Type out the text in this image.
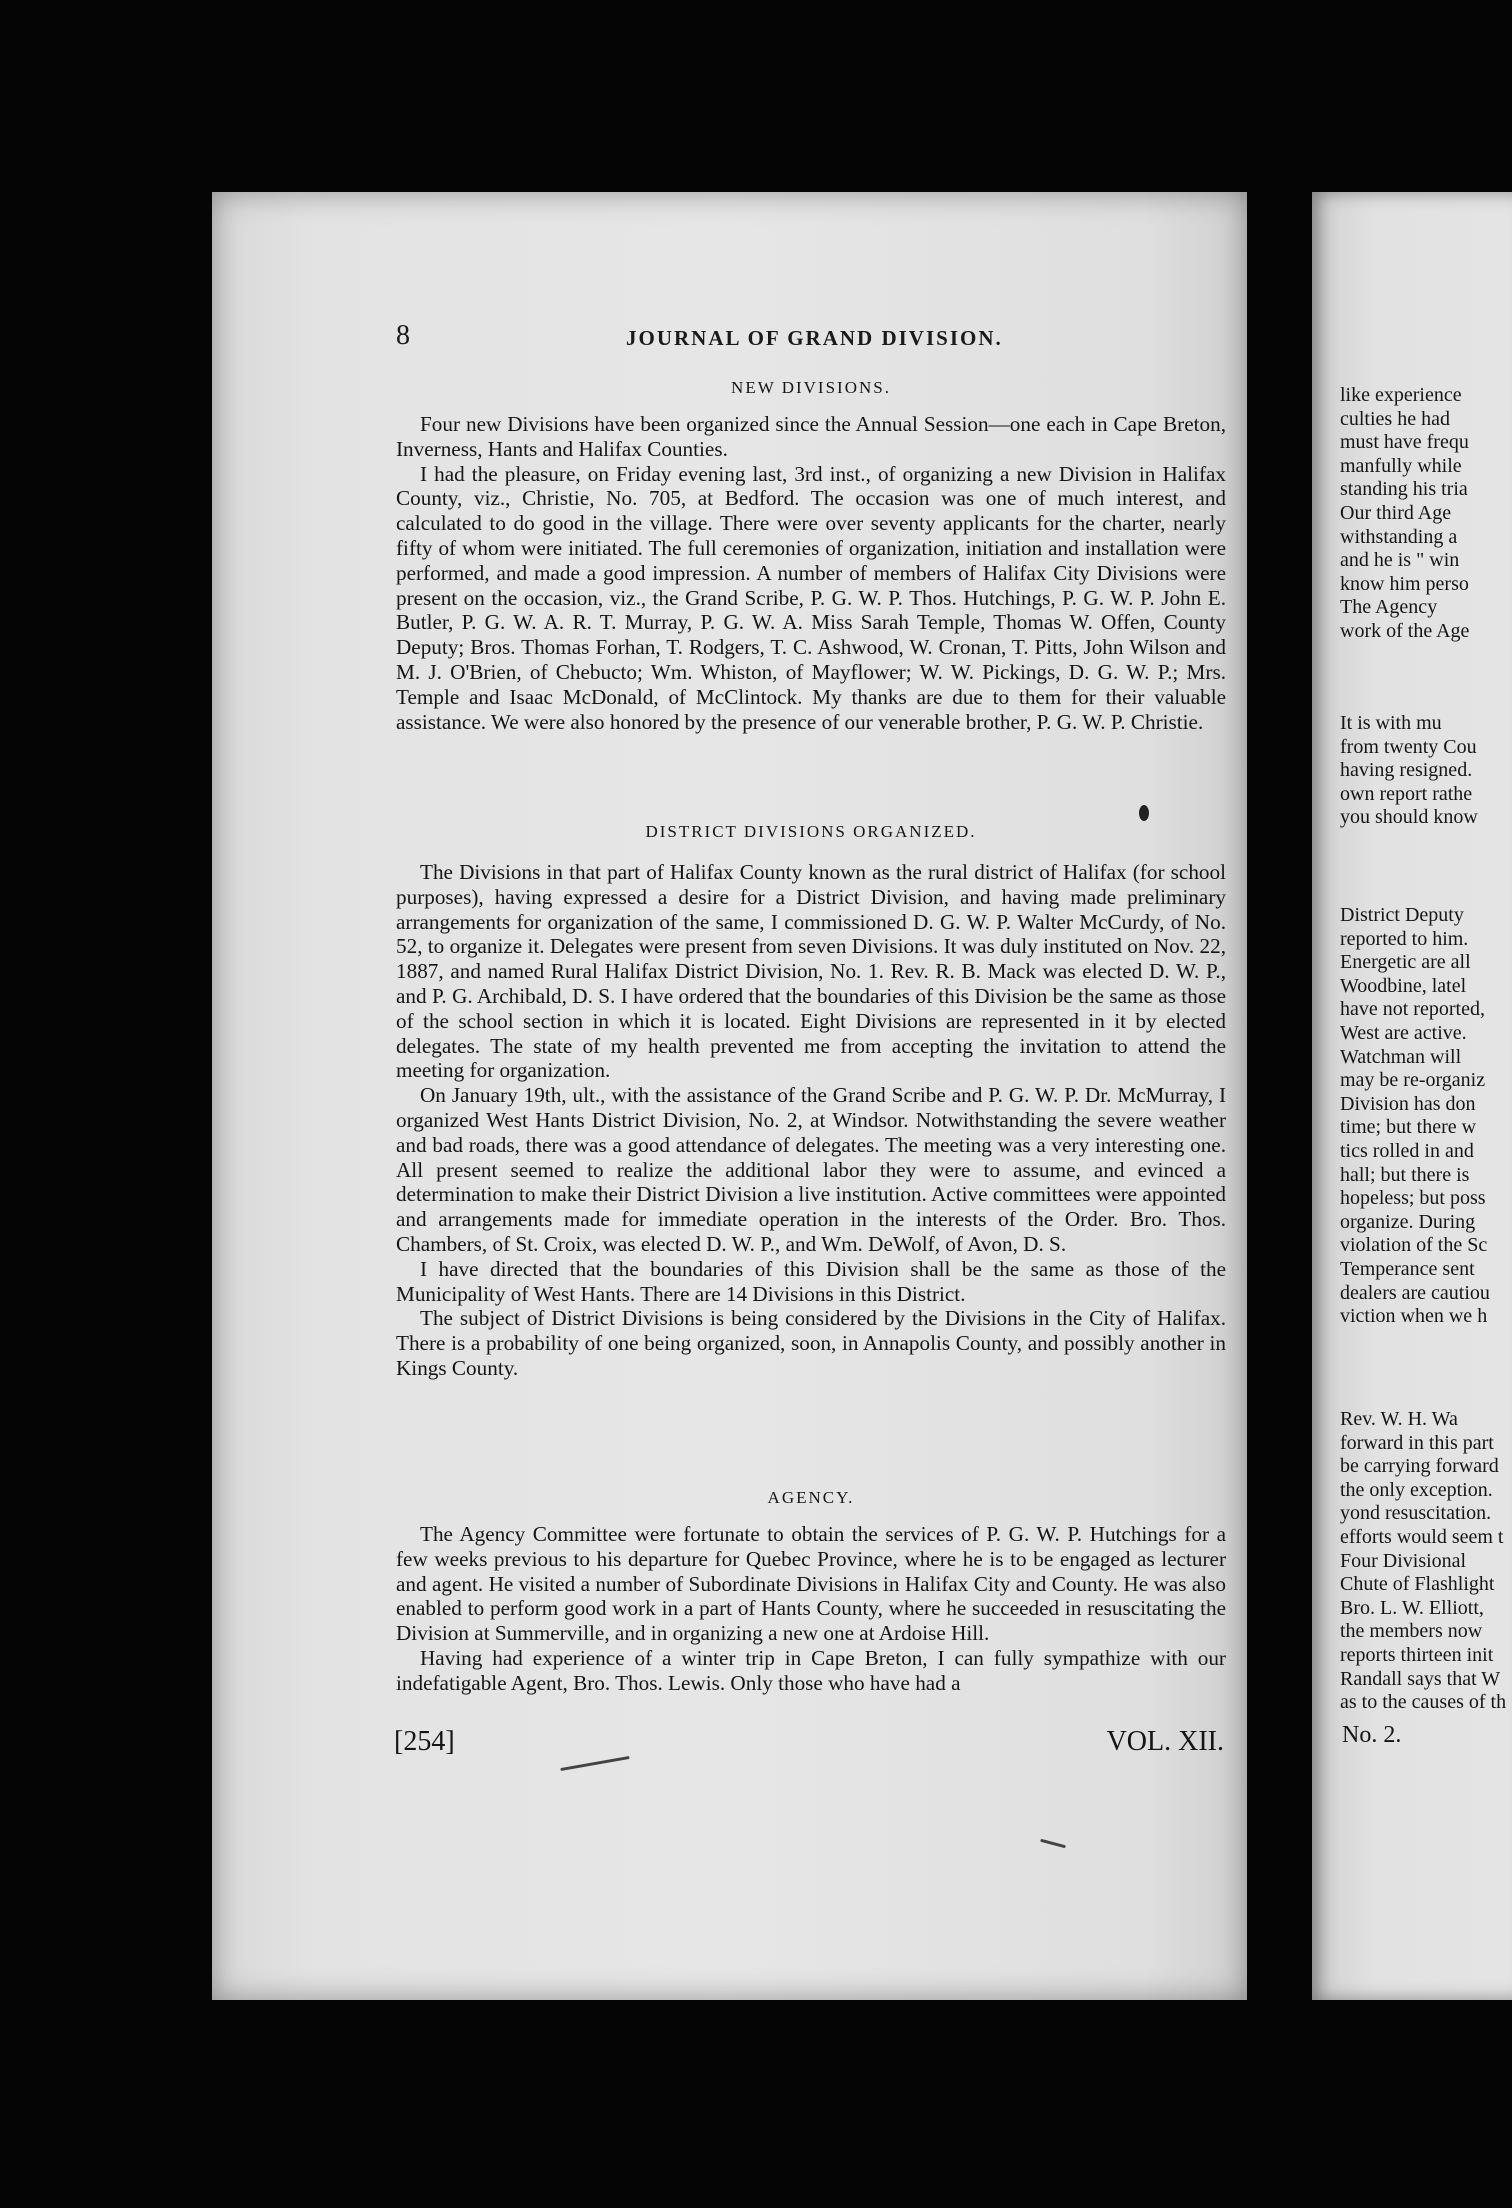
8	JOURNAL OF GRAND DIVISION.
NEW DIVISIONS.

Four new Divisions have been organized since the Annual Session—one each in Cape Breton, Inverness, Hants and Halifax Counties.

I had the pleasure, on Friday evening last, 3rd inst., of organizing a new Division in Halifax County, viz., Christie, No. 705, at Bedford. The occasion was one of much interest, and calculated to do good in the village. There were over seventy applicants for the charter, nearly fifty of whom were initiated. The full ceremonies of organization, initiation and installation were performed, and made a good impression. A number of members of Halifax City Divisions were present on the occasion, viz., the Grand Scribe, P. G. W. P. Thos. Hutchings, P. G. W. P. John E. Butler, P. G. W. A. R. T. Murray, P. G. W. A. Miss Sarah Temple, Thomas W. Offen, County Deputy; Bros. Thomas Forhan, T. Rodgers, T. C. Ashwood, W. Cronan, T. Pitts, John Wilson and M. J. O'Brien, of Chebucto; Wm. Whiston, of Mayflower; W. W. Pickings, D. G. W. P.; Mrs. Temple and Isaac McDonald, of McClintock. My thanks are due to them for their valuable assistance. We were also honored by the presence of our venerable brother, P. G. W. P. Christie.

DISTRICT DIVISIONS ORGANIZED.

The Divisions in that part of Halifax County known as the rural district of Halifax (for school purposes), having expressed a desire for a District Division, and having made preliminary arrangements for organization of the same, I commissioned D. G. W. P. Walter McCurdy, of No. 52, to organize it. Delegates were present from seven Divisions. It was duly instituted on Nov. 22, 1887, and named Rural Halifax District Division, No. 1. Rev. R. B. Mack was elected D. W. P., and P. G. Archibald, D. S. I have ordered that the boundaries of this Division be the same as those of the school section in which it is located. Eight Divisions are represented in it by elected delegates. The state of my health prevented me from accepting the invitation to attend the meeting for organization.

On January 19th, ult., with the assistance of the Grand Scribe and P. G. W. P. Dr. McMurray, I organized West Hants District Division, No. 2, at Windsor. Notwithstanding the severe weather and bad roads, there was a good attendance of delegates. The meeting was a very interesting one. All present seemed to realize the additional labor they were to assume, and evinced a determination to make their District Division a live institution. Active committees were appointed and arrangements made for immediate operation in the interests of the Order. Bro. Thos. Chambers, of St. Croix, was elected D. W. P., and Wm. DeWolf, of Avon, D. S.

I have directed that the boundaries of this Division shall be the same as those of the Municipality of West Hants. There are 14 Divisions in this District.

The subject of District Divisions is being considered by the Divisions in the City of Halifax. There is a probability of one being organized, soon, in Annapolis County, and possibly another in Kings County.

AGENCY.

The Agency Committee were fortunate to obtain the services of P. G. W. P. Hutchings for a few weeks previous to his departure for Quebec Province, where he is to be engaged as lecturer and agent. He visited a number of Subordinate Divisions in Halifax City and County. He was also enabled to perform good work in a part of Hants County, where he succeeded in resuscitating the Division at Summerville, and in organizing a new one at Ardoise Hill.

Having had experience of a winter trip in Cape Breton, I can fully sympathize with our indefatigable Agent, Bro. Thos. Lewis. Only those who have had a

[254]	VOL. XII.
like experience
culties he had
must have frequ
manfully while
standing his tria
Our third Age
withstanding a
and he is " win
know him perso
The Agency
work of the Age
It is with mu
from twenty Cou
having resigned.
own report rathe
you should know
District Deputy
reported to him.
Energetic are all
Woodbine, latel
have not reported,
West are active.
Watchman will
may be re-organiz
Division has don
time; but there w
tics rolled in and
hall; but there is
hopeless; but poss
organize. During
violation of the Sc
Temperance sent
dealers are cautiou
viction when we h
Rev. W. H. Wa
forward in this part
be carrying forward
the only exception.
yond resuscitation.
efforts would seem t
Four Divisional
Chute of Flashlight
Bro. L. W. Elliott,
the members now
reports thirteen init
Randall says that W
as to the causes of th
No. 2.
